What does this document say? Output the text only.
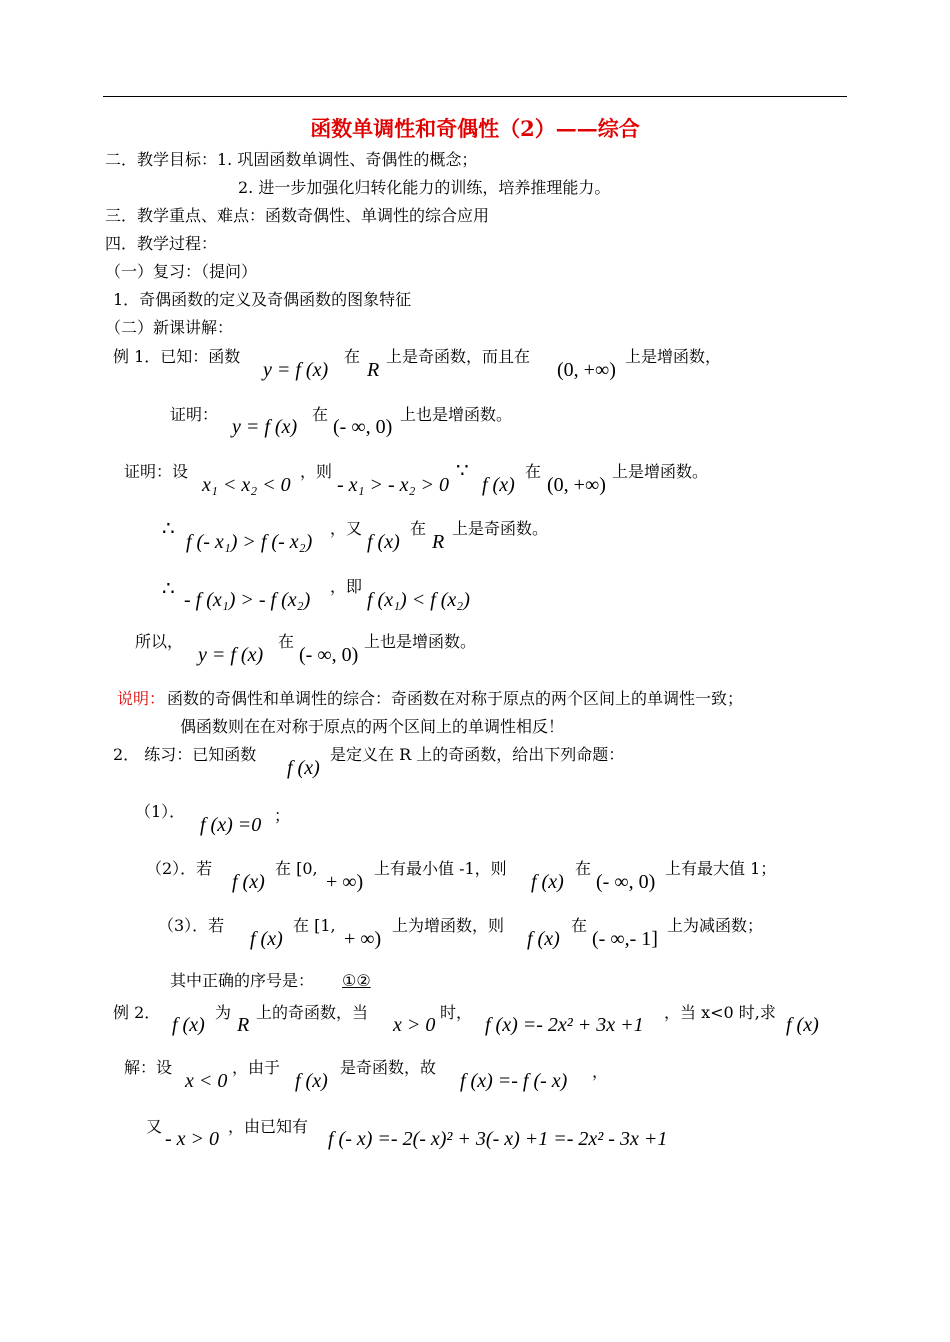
函数单调性和奇偶性（2）——综合
二．教学目标：1. 巩固函数单调性、奇偶性的概念；
2. 进一步加强化归转化能力的训练，培养推理能力。
三．教学重点、难点：函数奇偶性、单调性的综合应用
四．教学过程：
（一）复习：（提问）
1．奇偶函数的定义及奇偶函数的图象特征
（二）新课讲解：
例 1．已知：函数
y = f (x)
在
R
上是奇函数，而且在
(0, +∞)
上是增函数，
证明：
y = f (x)
在
(- ∞, 0)
上也是增函数。
证明：设
x₁ < x₂ < 0
，则
- x₁ > - x₂ > 0
∵
f (x)
在
(0, +∞)
上是增函数。
∴
f (- x₁) > f (- x₂)
，又
f (x)
在
R
上是奇函数。
∴ - f (x₁) > - f (x₂)
，即
f (x₁) < f (x₂)
所以，
y = f (x)
在
(- ∞, 0)
上也是增函数。
说明： 函数的奇偶性和单调性的综合：奇函数在对称于原点的两个区间上的单调性一致；
偶函数则在在对称于原点的两个区间上的单调性相反！
2． 练习：已知函数
f (x)
是定义在 R 上的奇函数，给出下列命题：
（1）．
f (x) =0 ；
（2）．若
f (x)
在 [0,
+ ∞)
上有最小值 -1，则
f (x)
在
(- ∞, 0)
上有最大值 1；
（3）．若
f (x)
在 [1,
+ ∞)
上为增函数，则
f (x)
在
(- ∞,- 1]
上为减函数；
其中正确的序号是： ①②
例 2．
f (x)
为
R
上的奇函数，当
x > 0
时，
f (x) =- 2x² + 3x +1
，当 x<0 时,求
f (x)
解：设
x < 0
，由于
f (x)
是奇函数，故
f (x) =- f (- x) ，
又
- x > 0
，由已知有
f (- x) =- 2(- x)² + 3(- x) +1 =- 2x² - 3x +1
